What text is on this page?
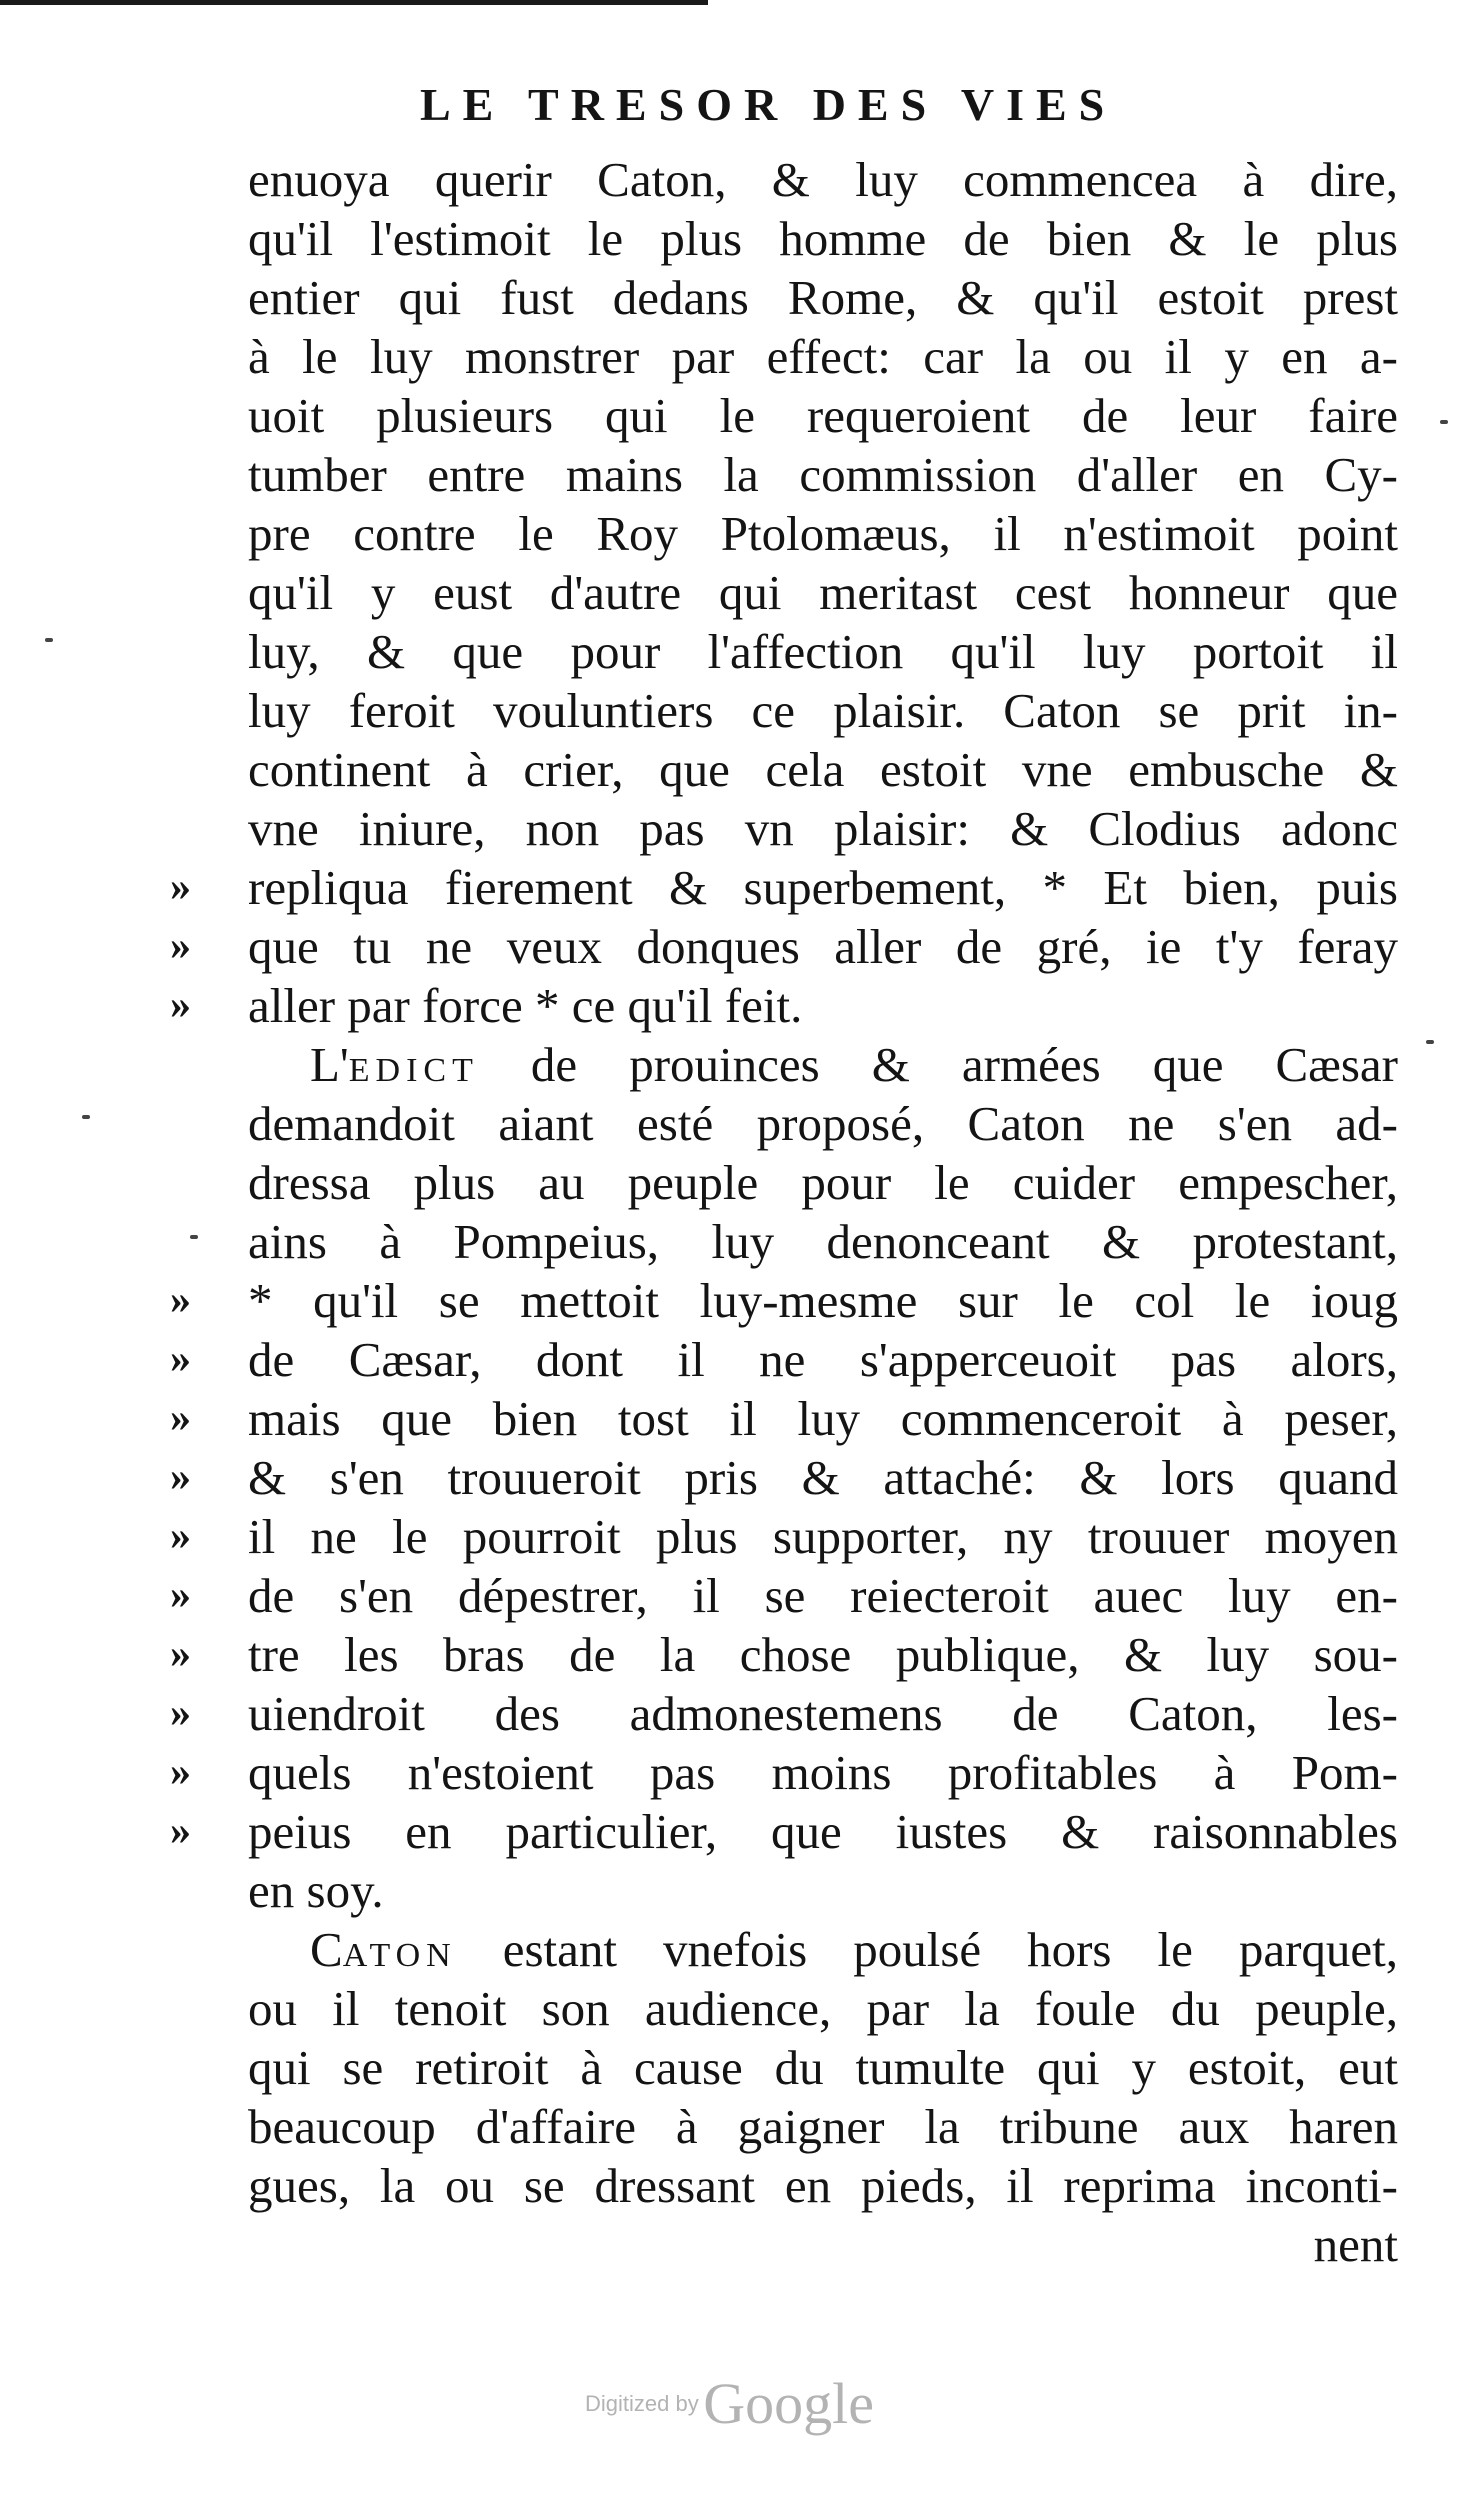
LE TRESOR DES VIES
enuoya querir Caton, & luy commencea à dire,
qu'il l'estimoit le plus homme de bien & le plus
entier qui fust dedans Rome, & qu'il estoit prest
à le luy monstrer par effect: car la ou il y en a-
uoit plusieurs qui le requeroient de leur faire
tumber entre mains la commission d'aller en Cy-
pre contre le Roy Ptolomæus, il n'estimoit point
qu'il y eust d'autre qui meritast cest honneur que
luy, & que pour l'affection qu'il luy portoit il
luy feroit vouluntiers ce plaisir. Caton se prit in-
continent à crier, que cela estoit vne embusche &
vne iniure, non pas vn plaisir: & Clodius adonc
repliqua fierement & superbement, * Et bien, puis
que tu ne veux donques aller de gré, ie t'y feray
aller par force * ce qu'il feit.
L'edict de prouinces & armées que Cæsar
demandoit aiant esté proposé, Caton ne s'en ad-
dressa plus au peuple pour le cuider empescher,
ains à Pompeius, luy denonceant & protestant,
* qu'il se mettoit luy-mesme sur le col le ioug
de Cæsar, dont il ne s'apperceuoit pas alors,
mais que bien tost il luy commenceroit à peser,
& s'en trouueroit pris & attaché: & lors quand
il ne le pourroit plus supporter, ny trouuer moyen
de s'en dépestrer, il se reiecteroit auec luy en-
tre les bras de la chose publique, & luy sou-
uiendroit des admonestemens de Caton, les-
quels n'estoient pas moins profitables à Pom-
peius en particulier, que iustes & raisonnables
en soy.
Caton estant vnefois poulsé hors le parquet,
ou il tenoit son audience, par la foule du peuple,
qui se retiroit à cause du tumulte qui y estoit, eut
beaucoup d'affaire à gaigner la tribune aux haren
gues, la ou se dressant en pieds, il reprima inconti-
nent
»
»
»
»
»
»
»
»
»
»
»
»
»
Digitized by Google
